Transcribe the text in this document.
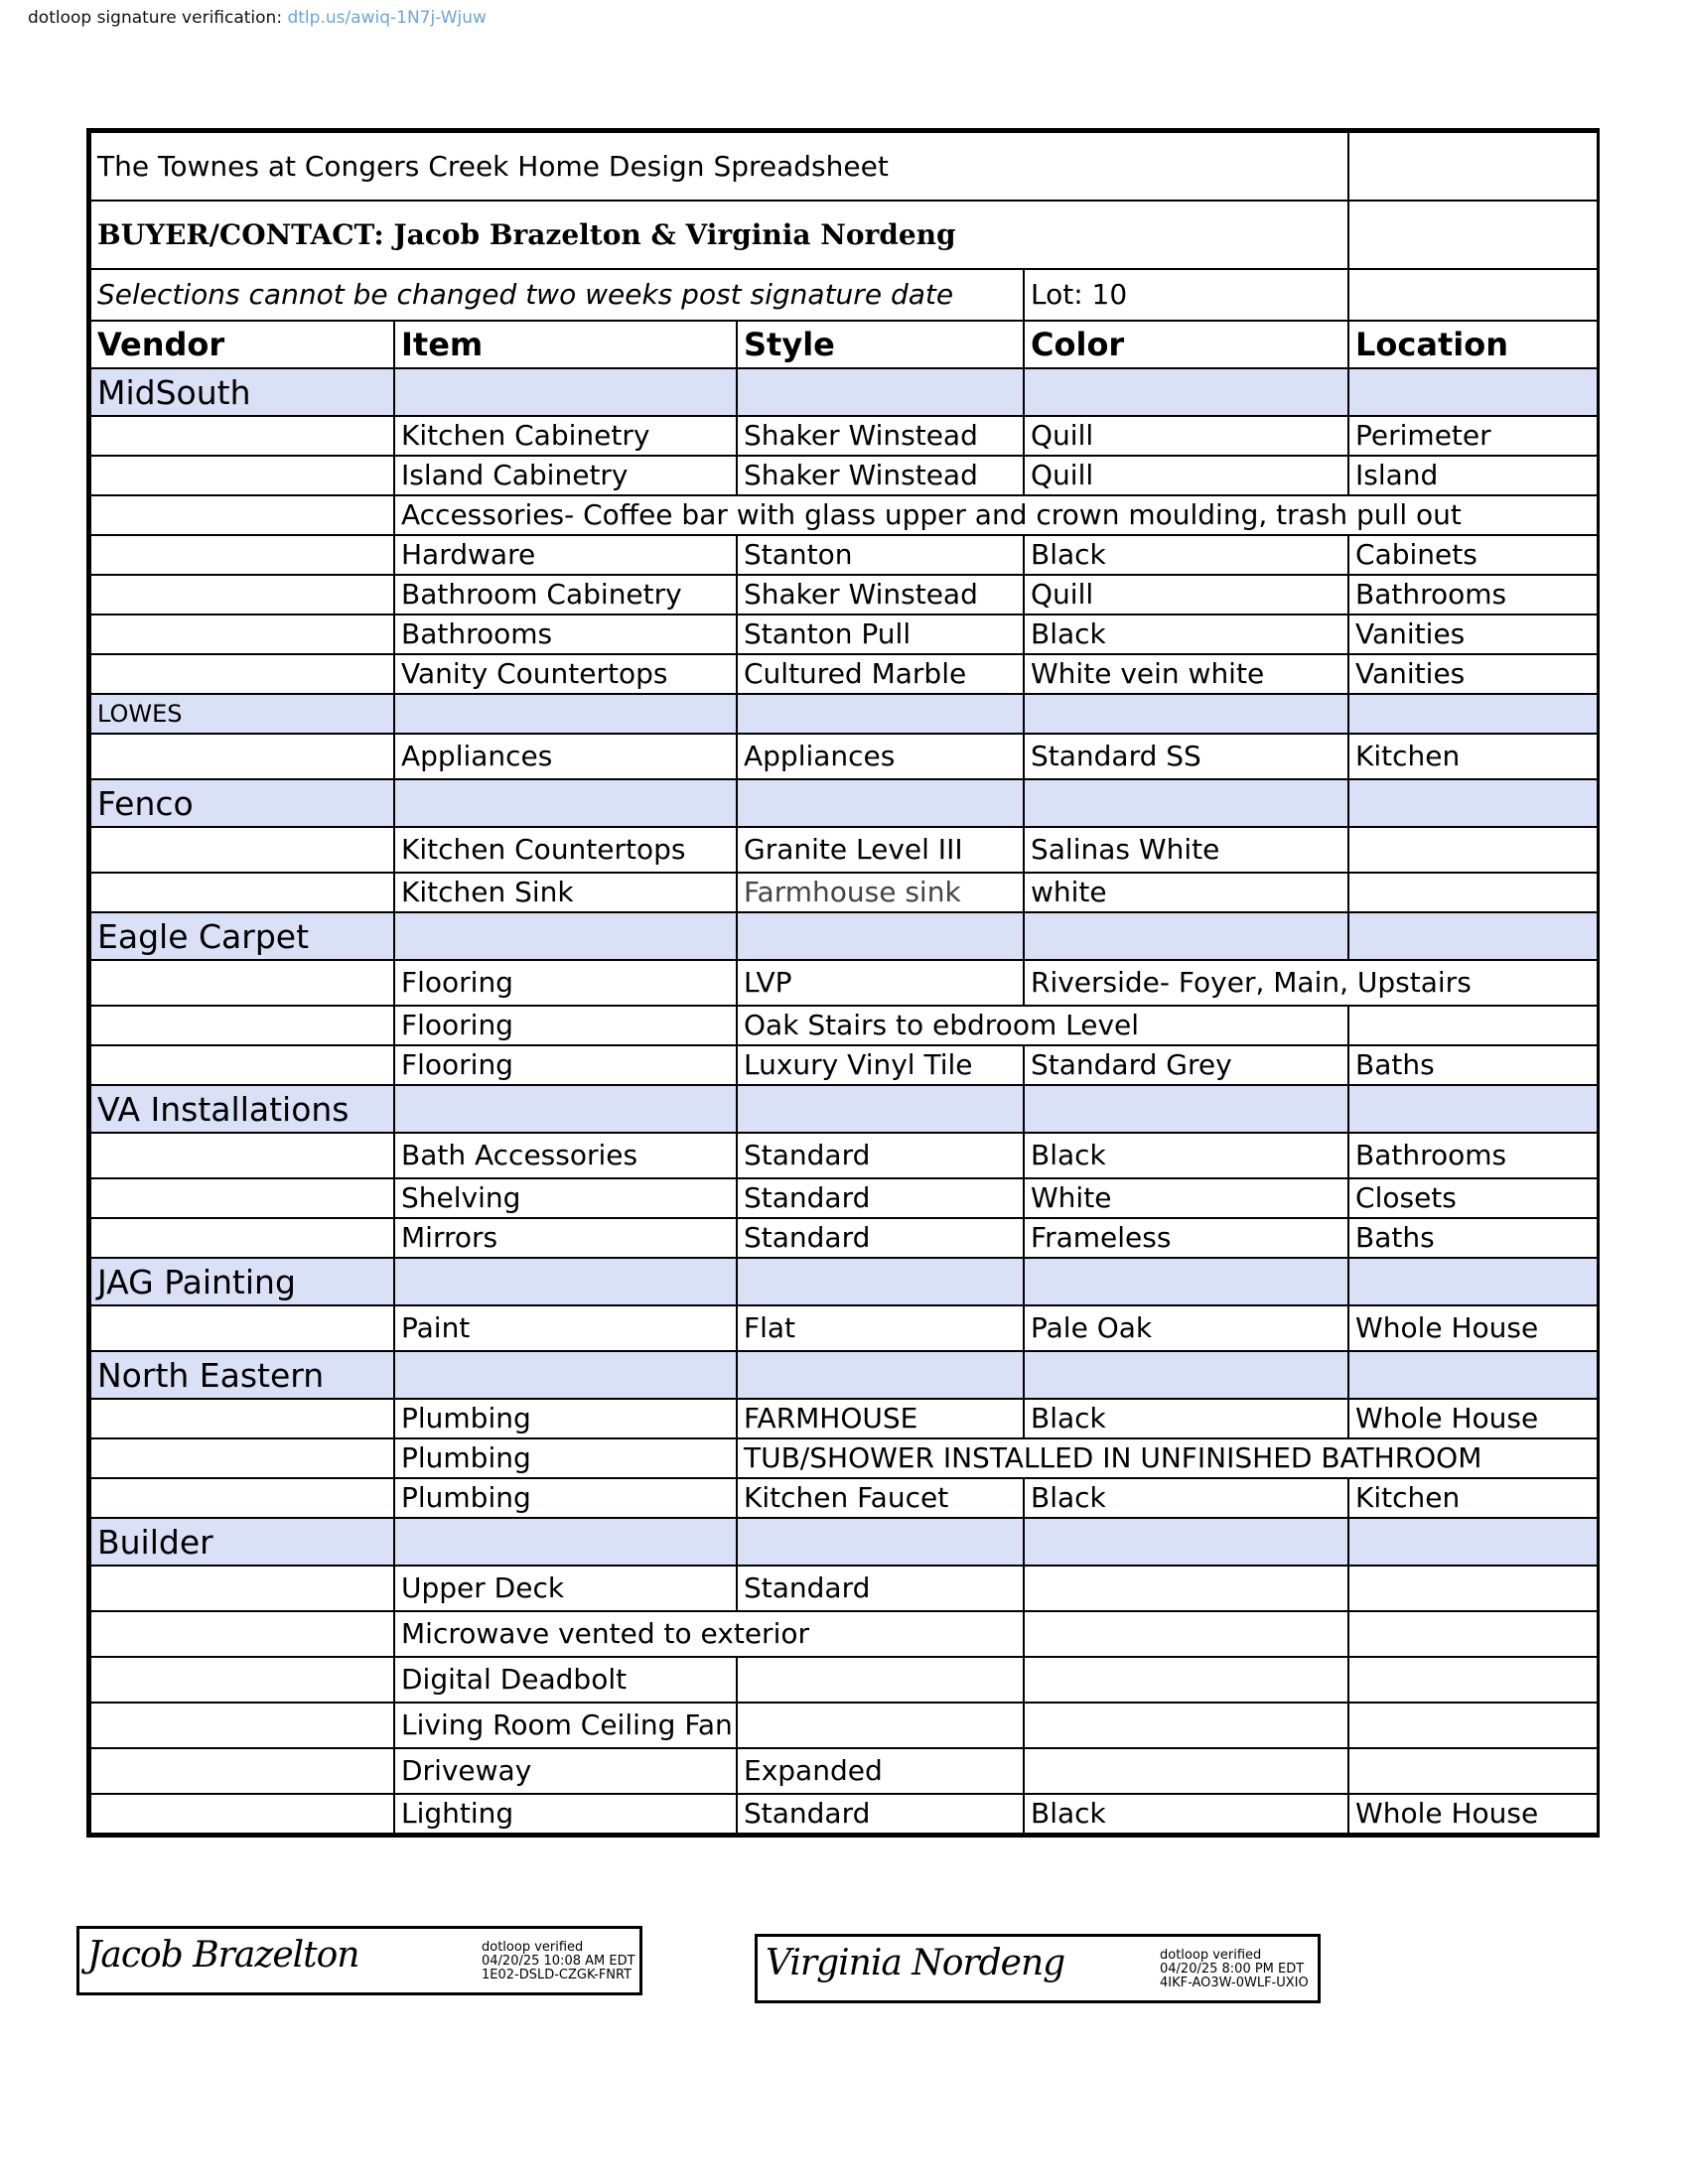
dotloop signature verification: dtlp.us/awiq-1N7j-Wjuw
The Townes at Congers Creek Home Design Spreadsheet				
BUYER/CONTACT: Jacob Brazelton & Virginia Nordeng				
Selections cannot be changed two weeks post signature date			Lot: 10	
Vendor	Item	Style	Color	Location
MidSouth				
	Kitchen Cabinetry	Shaker Winstead	Quill	Perimeter
	Island Cabinetry	Shaker Winstead	Quill	Island
	Accessories- Coffee bar with glass upper and crown moulding, trash pull out			
	Hardware	Stanton	Black	Cabinets
	Bathroom Cabinetry	Shaker Winstead	Quill	Bathrooms
	Bathrooms	Stanton Pull	Black	Vanities
	Vanity Countertops	Cultured Marble	White vein white	Vanities
LOWES				
	Appliances	Appliances	Standard SS	Kitchen
Fenco				
	Kitchen Countertops	Granite Level III	Salinas White	
	Kitchen Sink	Farmhouse sink	white	
Eagle Carpet				
	Flooring	LVP	Riverside- Foyer, Main, Upstairs	
	Flooring	Oak Stairs to ebdroom Level		
	Flooring	Luxury Vinyl Tile	Standard Grey	Baths
VA Installations				
	Bath Accessories	Standard	Black	Bathrooms
	Shelving	Standard	White	Closets
	Mirrors	Standard	Frameless	Baths
JAG Painting				
	Paint	Flat	Pale Oak	Whole House
North Eastern				
	Plumbing	FARMHOUSE	Black	Whole House
	Plumbing	TUB/SHOWER INSTALLED IN UNFINISHED BATHROOM		
	Plumbing	Kitchen Faucet	Black	Kitchen
Builder				
	Upper Deck	Standard		
	Microwave vented to exterior			
	Digital Deadbolt			
	Living Room Ceiling Fan			
	Driveway	Expanded		
	Lighting	Standard	Black	Whole House
Jacob Brazelton	dotloop verified
04/20/25 10:08 AM EDT
1E02-DSLD-CZGK-FNRT	Virginia Nordeng	dotloop verified
04/20/25 8:00 PM EDT
4IKF-AO3W-0WLF-UXIO
